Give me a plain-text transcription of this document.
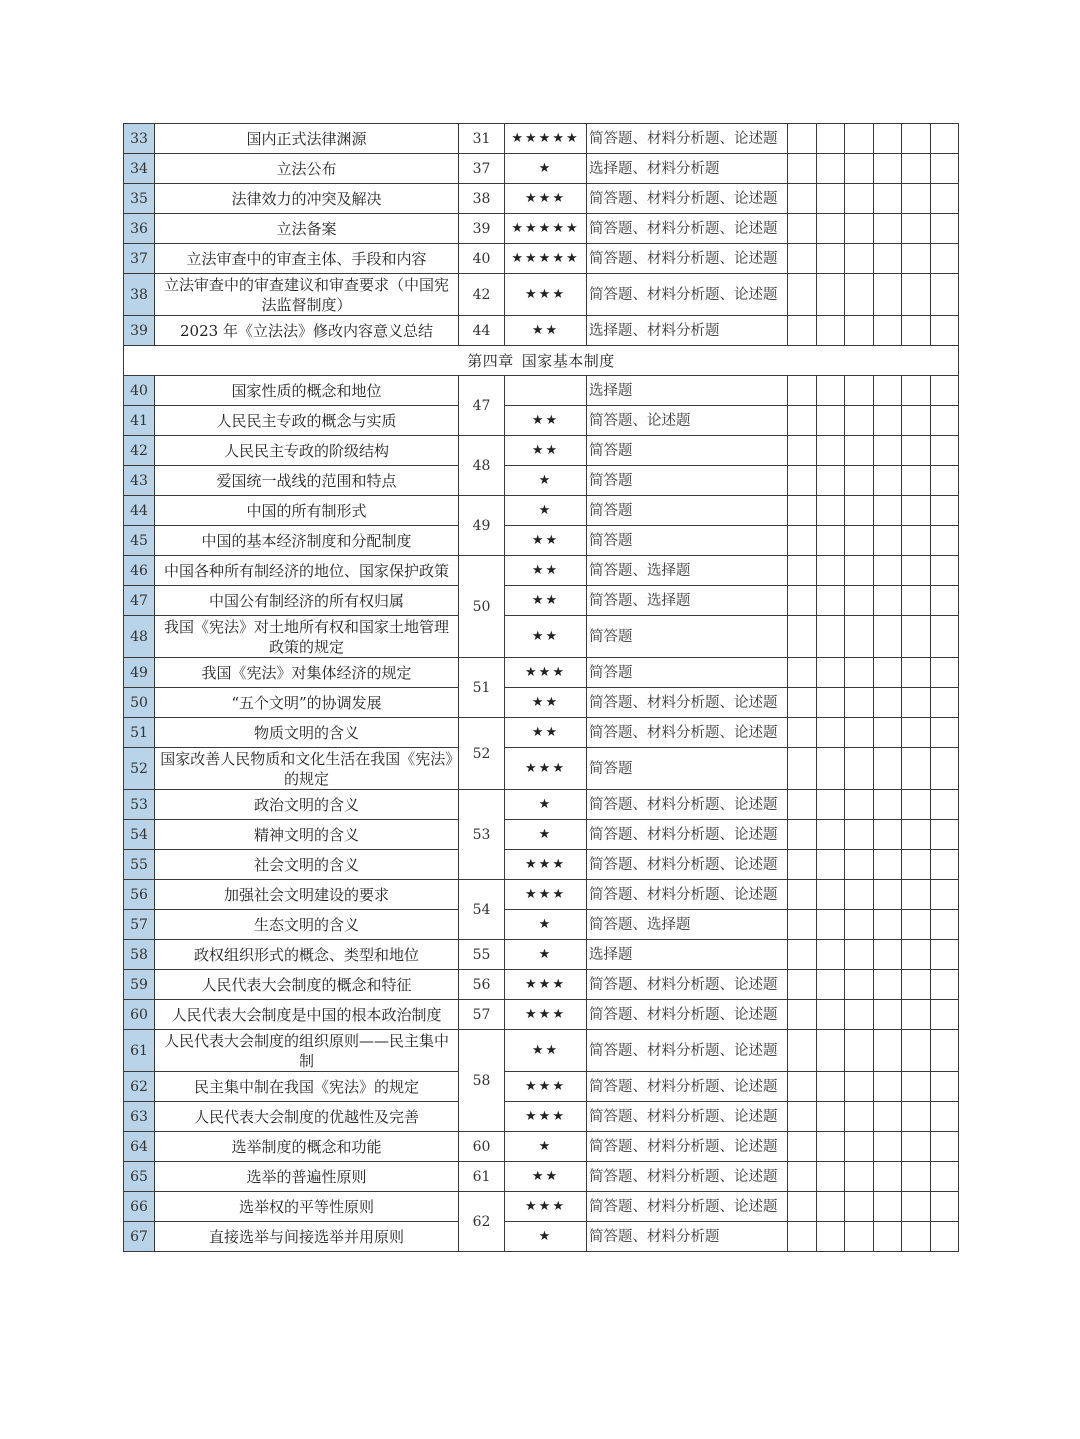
33	国内正式法律渊源	31	★★★★★	简答题、材料分析题、论述题						
34	立法公布	37	★	选择题、材料分析题						
35	法律效力的冲突及解决	38	★★★	简答题、材料分析题、论述题						
36	立法备案	39	★★★★★	简答题、材料分析题、论述题						
37	立法审查中的审查主体、手段和内容	40	★★★★★	简答题、材料分析题、论述题						
38	立法审查中的审查建议和审查要求（中国宪法监督制度）	42	★★★	简答题、材料分析题、论述题						
39	2023 年《立法法》修改内容意义总结	44	★★	选择题、材料分析题						
第四章 国家基本制度										
40	国家性质的概念和地位	47		选择题						
41	人民民主专政的概念与实质		★★	简答题、论述题						
42	人民民主专政的阶级结构	48	★★	简答题						
43	爱国统一战线的范围和特点		★	简答题						
44	中国的所有制形式	49	★	简答题						
45	中国的基本经济制度和分配制度		★★	简答题						
46	中国各种所有制经济的地位、国家保护政策	50	★★	简答题、选择题						
47	中国公有制经济的所有权归属		★★	简答题、选择题						
48	我国《宪法》对土地所有权和国家土地管理政策的规定		★★	简答题						
49	我国《宪法》对集体经济的规定	51	★★★	简答题						
50	“五个文明”的协调发展		★★	简答题、材料分析题、论述题						
51	物质文明的含义	52	★★	简答题、材料分析题、论述题						
52	国家改善人民物质和文化生活在我国《宪法》的规定		★★★	简答题						
53	政治文明的含义	53	★	简答题、材料分析题、论述题						
54	精神文明的含义		★	简答题、材料分析题、论述题						
55	社会文明的含义		★★★	简答题、材料分析题、论述题						
56	加强社会文明建设的要求	54	★★★	简答题、材料分析题、论述题						
57	生态文明的含义		★	简答题、选择题						
58	政权组织形式的概念、类型和地位	55	★	选择题						
59	人民代表大会制度的概念和特征	56	★★★	简答题、材料分析题、论述题						
60	人民代表大会制度是中国的根本政治制度	57	★★★	简答题、材料分析题、论述题						
61	人民代表大会制度的组织原则——民主集中制	58	★★	简答题、材料分析题、论述题						
62	民主集中制在我国《宪法》的规定		★★★	简答题、材料分析题、论述题						
63	人民代表大会制度的优越性及完善		★★★	简答题、材料分析题、论述题						
64	选举制度的概念和功能	60	★	简答题、材料分析题、论述题						
65	选举的普遍性原则	61	★★	简答题、材料分析题、论述题						
66	选举权的平等性原则	62	★★★	简答题、材料分析题、论述题						
67	直接选举与间接选举并用原则		★	简答题、材料分析题						
